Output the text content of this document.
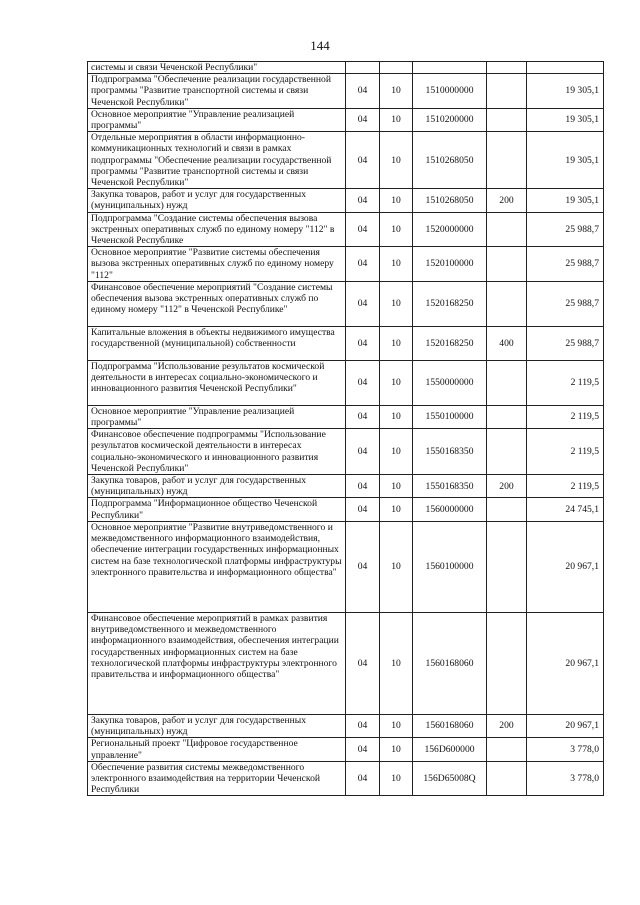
144
системы и связи Чеченской Республики"					
Подпрограмма "Обеспечение реализации государственной программы "Развитие транспортной системы и связи Чеченской Республики"	04	10	1510000000		19 305,1
Основное мероприятие "Управление реализацией программы"	04	10	1510200000		19 305,1
Отдельные мероприятия в области информационно-коммуникационных технологий и связи в рамках подпрограммы "Обеспечение реализации государственной программы "Развитие транспортной системы и связи Чеченской Республики"	04	10	1510268050		19 305,1
Закупка товаров, работ и услуг для государственных (муниципальных) нужд	04	10	1510268050	200	19 305,1
Подпрограмма "Создание системы обеспечения вызова экстренных оперативных служб по единому номеру "112" в Чеченской Республике	04	10	1520000000		25 988,7
Основное мероприятие "Развитие системы обеспечения вызова экстренных оперативных служб по единому номеру "112"	04	10	1520100000		25 988,7
Финансовое обеспечение мероприятий "Создание системы обеспечения вызова экстренных оперативных служб по единому номеру "112" в Чеченской Республике"	04	10	1520168250		25 988,7
Капитальные вложения в объекты недвижимого имущества государственной (муниципальной) собственности	04	10	1520168250	400	25 988,7
Подпрограмма "Использование результатов космической деятельности в интересах социально-экономического и инновационного развития Чеченской Республики"	04	10	1550000000		2 119,5
Основное мероприятие "Управление реализацией программы"	04	10	1550100000		2 119,5
Финансовое обеспечение подпрограммы "Использование результатов космической деятельности в интересах социально-экономического и инновационного развития Чеченской Республики"	04	10	1550168350		2 119,5
Закупка товаров, работ и услуг для государственных (муниципальных) нужд	04	10	1550168350	200	2 119,5
Подпрограмма "Информационное общество Чеченской Республики"	04	10	1560000000		24 745,1
Основное мероприятие "Развитие внутриведомственного и межведомственного информационного взаимодействия, обеспечение интеграции государственных информационных систем на базе технологической платформы инфраструктуры электронного правительства и информационного общества"	04	10	1560100000		20 967,1
Финансовое обеспечение мероприятий в рамках развития внутриведомственного и межведомственного информационного взаимодействия, обеспечения интеграции государственных информационных систем на базе технологической платформы инфраструктуры электронного правительства и информационного общества"	04	10	1560168060		20 967,1
Закупка товаров, работ и услуг для государственных (муниципальных) нужд	04	10	1560168060	200	20 967,1
Региональный проект "Цифровое государственное управление"	04	10	156D600000		3 778,0
Обеспечение развития системы межведомственного электронного взаимодействия на территории Чеченской Республики	04	10	156D65008Q		3 778,0
